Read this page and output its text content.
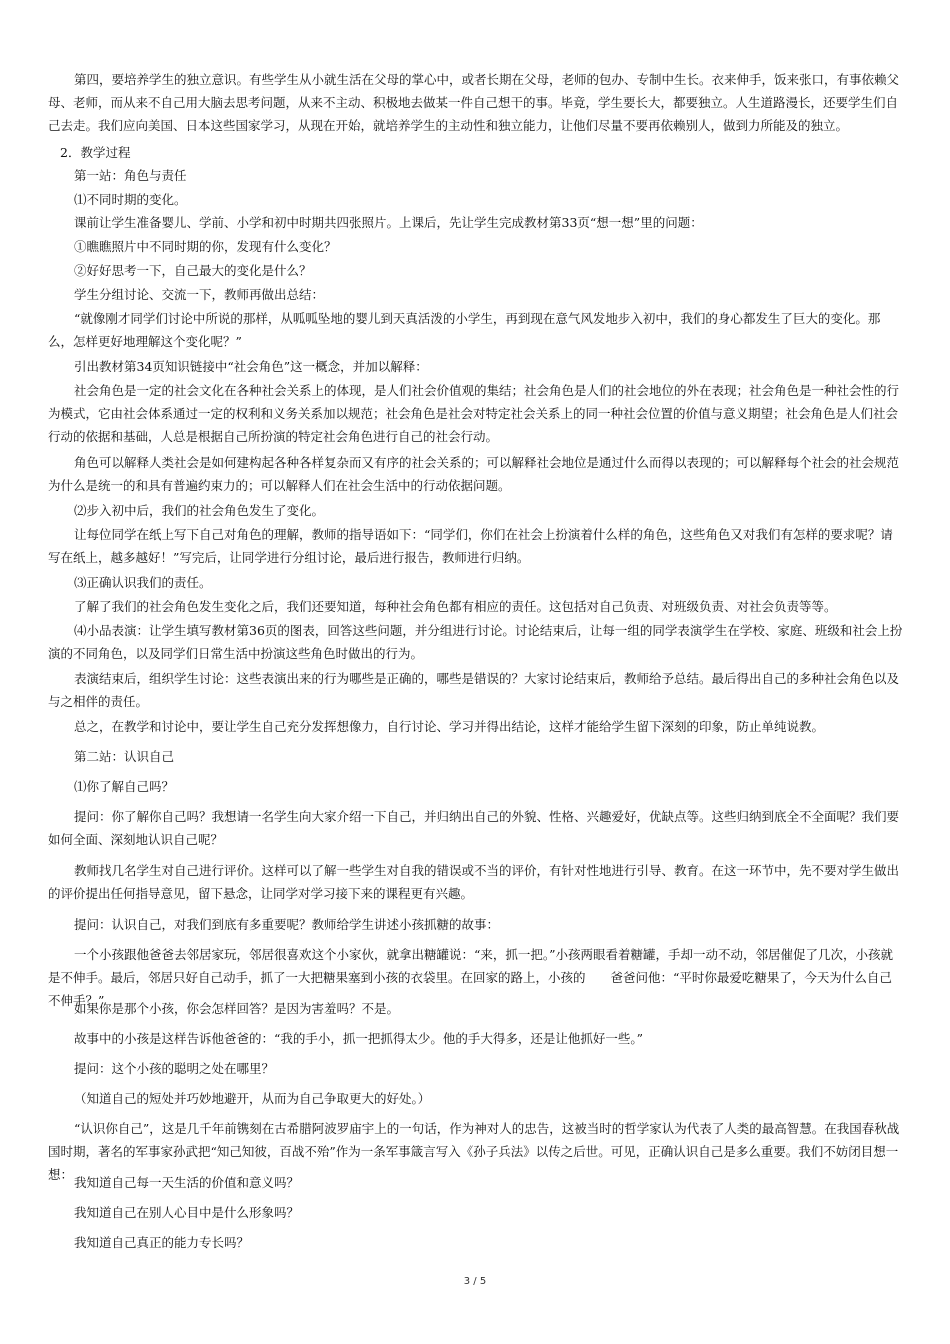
第四，要培养学生的独立意识。有些学生从小就生活在父母的掌心中，或者长期在父母，老师的包办、专制中生长。衣来伸手，饭来张口，有事依赖父母、老师，而从来不自己用大脑去思考问题，从来不主动、积极地去做某一件自己想干的事。毕竟，学生要长大，都要独立。人生道路漫长，还要学生们自己去走。我们应向美国、日本这些国家学习，从现在开始，就培养学生的主动性和独立能力，让他们尽量不要再依赖别人，做到力所能及的独立。

2．教学过程

第一站：角色与责任

⑴不同时期的变化。

课前让学生准备婴儿、学前、小学和初中时期共四张照片。上课后，先让学生完成教材第33页“想一想”里的问题：

①瞧瞧照片中不同时期的你，发现有什么变化？

②好好思考一下，自己最大的变化是什么？

学生分组讨论、交流一下，教师再做出总结：

“就像刚才同学们讨论中所说的那样，从呱呱坠地的婴儿到天真活泼的小学生，再到现在意气风发地步入初中，我们的身心都发生了巨大的变化。那么，怎样更好地理解这个变化呢？”

引出教材第34页知识链接中“社会角色”这一概念，并加以解释：

社会角色是一定的社会文化在各种社会关系上的体现，是人们社会价值观的集结；社会角色是人们的社会地位的外在表现；社会角色是一种社会性的行为模式，它由社会体系通过一定的权利和义务关系加以规范；社会角色是社会对特定社会关系上的同一种社会位置的价值与意义期望；社会角色是人们社会行动的依据和基础，人总是根据自己所扮演的特定社会角色进行自己的社会行动。

角色可以解释人类社会是如何建构起各种各样复杂而又有序的社会关系的；可以解释社会地位是通过什么而得以表现的；可以解释每个社会的社会规范为什么是统一的和具有普遍约束力的；可以解释人们在社会生活中的行动依据问题。

⑵步入初中后，我们的社会角色发生了变化。

让每位同学在纸上写下自己对角色的理解，教师的指导语如下：“同学们，你们在社会上扮演着什么样的角色，这些角色又对我们有怎样的要求呢？请写在纸上，越多越好！”写完后，让同学进行分组讨论，最后进行报告，教师进行归纳。

⑶正确认识我们的责任。

了解了我们的社会角色发生变化之后，我们还要知道，每种社会角色都有相应的责任。这包括对自己负责、对班级负责、对社会负责等等。

⑷小品表演：让学生填写教材第36页的图表，回答这些问题，并分组进行讨论。讨论结束后，让每一组的同学表演学生在学校、家庭、班级和社会上扮演的不同角色，以及同学们日常生活中扮演这些角色时做出的行为。

表演结束后，组织学生讨论：这些表演出来的行为哪些是正确的，哪些是错误的？大家讨论结束后，教师给予总结。最后得出自己的多种社会角色以及与之相伴的责任。

总之，在教学和讨论中，要让学生自己充分发挥想像力，自行讨论、学习并得出结论，这样才能给学生留下深刻的印象，防止单纯说教。

第二站：认识自己

⑴你了解自己吗？

提问：你了解你自己吗？我想请一名学生向大家介绍一下自己，并归纳出自己的外貌、性格、兴趣爱好，优缺点等。这些归纳到底全不全面呢？我们要如何全面、深刻地认识自己呢？

教师找几名学生对自己进行评价。这样可以了解一些学生对自我的错误或不当的评价，有针对性地进行引导、教育。在这一环节中，先不要对学生做出的评价提出任何指导意见，留下悬念，让同学对学习接下来的课程更有兴趣。

提问：认识自己，对我们到底有多重要呢？教师给学生讲述小孩抓糖的故事：

一个小孩跟他爸爸去邻居家玩，邻居很喜欢这个小家伙，就拿出糖罐说：“来，抓一把。”小孩两眼看着糖罐，手却一动不动，邻居催促了几次，小孩就是不伸手。最后，邻居只好自己动手，抓了一大把糖果塞到小孩的衣袋里。在回家的路上，小孩的　　爸爸问他：“平时你最爱吃糖果了，今天为什么自己不伸手？”

如果你是那个小孩，你会怎样回答？是因为害羞吗？不是。

故事中的小孩是这样告诉他爸爸的：“我的手小，抓一把抓得太少。他的手大得多，还是让他抓好一些。”

提问：这个小孩的聪明之处在哪里？

（知道自己的短处并巧妙地避开，从而为自己争取更大的好处。）

“认识你自己”，这是几千年前镌刻在古希腊阿波罗庙宇上的一句话，作为神对人的忠告，这被当时的哲学家认为代表了人类的最高智慧。在我国春秋战国时期，著名的军事家孙武把“知己知彼，百战不殆”作为一条军事箴言写入《孙子兵法》以传之后世。可见，正确认识自己是多么重要。我们不妨闭目想一想：

我知道自己每一天生活的价值和意义吗？

我知道自己在别人心目中是什么形象吗？

我知道自己真正的能力专长吗？

3 / 5
